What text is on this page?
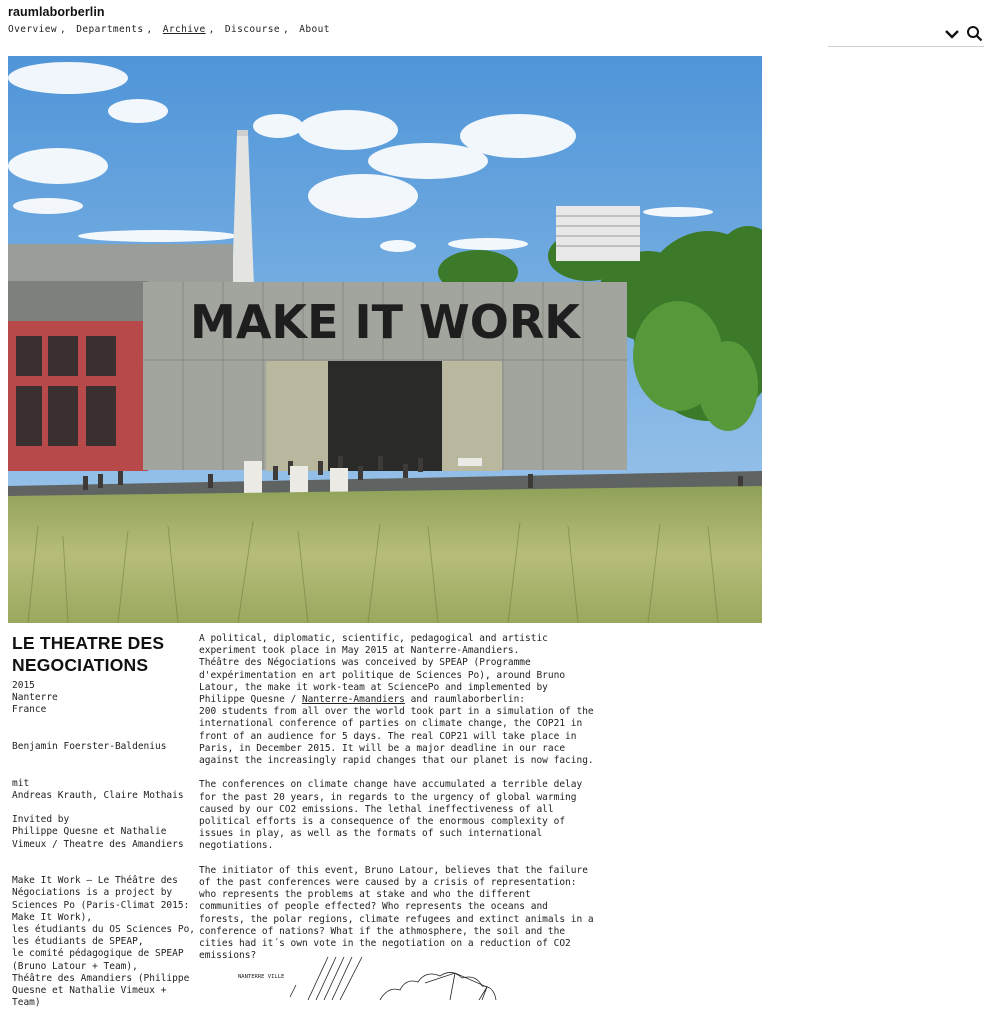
raumlaborberlin
Overview , Departments , Archive , Discourse , About
MAKE IT WORK
LE THEATRE DES NEGOCIATIONS
2015
Nanterre
France
Benjamin Foerster-Baldenius
mit
Andreas Krauth, Claire Mothais
Invited by
Philippe Quesne et Nathalie Vimeux / Theatre des Amandiers
Make It Work – Le Théâtre des Négociations is a project by Sciences Po (Paris-Climat 2015: Make It Work),
les étudiants du OS Sciences Po,
les étudiants de SPEAP,
le comité pédagogique de SPEAP (Bruno Latour + Team),
Théâtre des Amandiers (Philippe Quesne et Nathalie Vimeux + Team)

A political, diplomatic, scientific, pedagogical and artistic experiment took place in May 2015 at Nanterre-Amandiers.
Théâtre des Négociations was conceived by SPEAP (Programme d'expérimentation en art politique de Sciences Po), around Bruno Latour, the make it work-team at SciencePo and implemented by Philippe Quesne / Nanterre-Amandiers and raumlaborberlin:
200 students from all over the world took part in a simulation of the international conference of parties on climate change, the COP21 in front of an audience for 5 days. The real COP21 will take place in Paris, in December 2015. It will be a major deadline in our race against the increasingly rapid changes that our planet is now facing.

The conferences on climate change have accumulated a terrible delay for the past 20 years, in regards to the urgency of global warming caused by our CO2 emissions. The lethal ineffectiveness of all political efforts is a consequence of the enormous complexity of issues in play, as well as the formats of such international negotiations.

The initiator of this event, Bruno Latour, believes that the failure of the past conferences were caused by a crisis of representation: who represents the problems at stake and who the different communities of people effected? Who represents the oceans and forests, the polar regions, climate refugees and extinct animals in a conference of nations? What if the athmosphere, the soil and the cities had it´s own vote in the negotiation on a reduction of CO2 emissions?

NANTERRE VILLE
